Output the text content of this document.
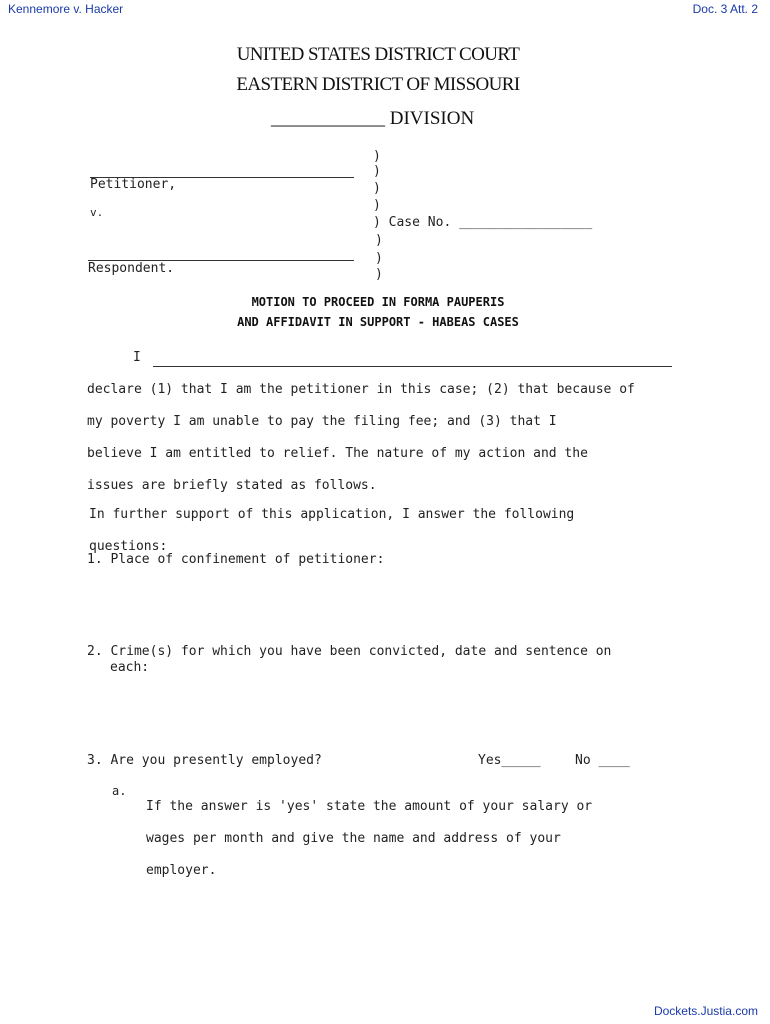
Kennemore v. Hacker	Doc. 3 Att. 2
UNITED STATES DISTRICT COURT
EASTERN DISTRICT OF MISSOURI
____________ DIVISION
Petitioner,
v.
Respondent.
)
)
)
)
) Case No. _________________
)
)
)
MOTION TO PROCEED IN FORMA PAUPERIS
AND AFFIDAVIT IN SUPPORT - HABEAS CASES
I

declare (1) that I am the petitioner in this case; (2) that because of

my poverty I am unable to pay the filing fee; and (3) that I

believe I am entitled to relief. The nature of my action and the

issues are briefly stated as follows.

In further support of this application, I answer the following

questions:

1. Place of confinement of petitioner:
2. Crime(s) for which you have been convicted, date and sentence on
each:
3. Are you presently employed?	Yes_____	No ____
a.

If the answer is 'yes' state the amount of your salary or

wages per month and give the name and address of your

employer.

Dockets.Justia.com
